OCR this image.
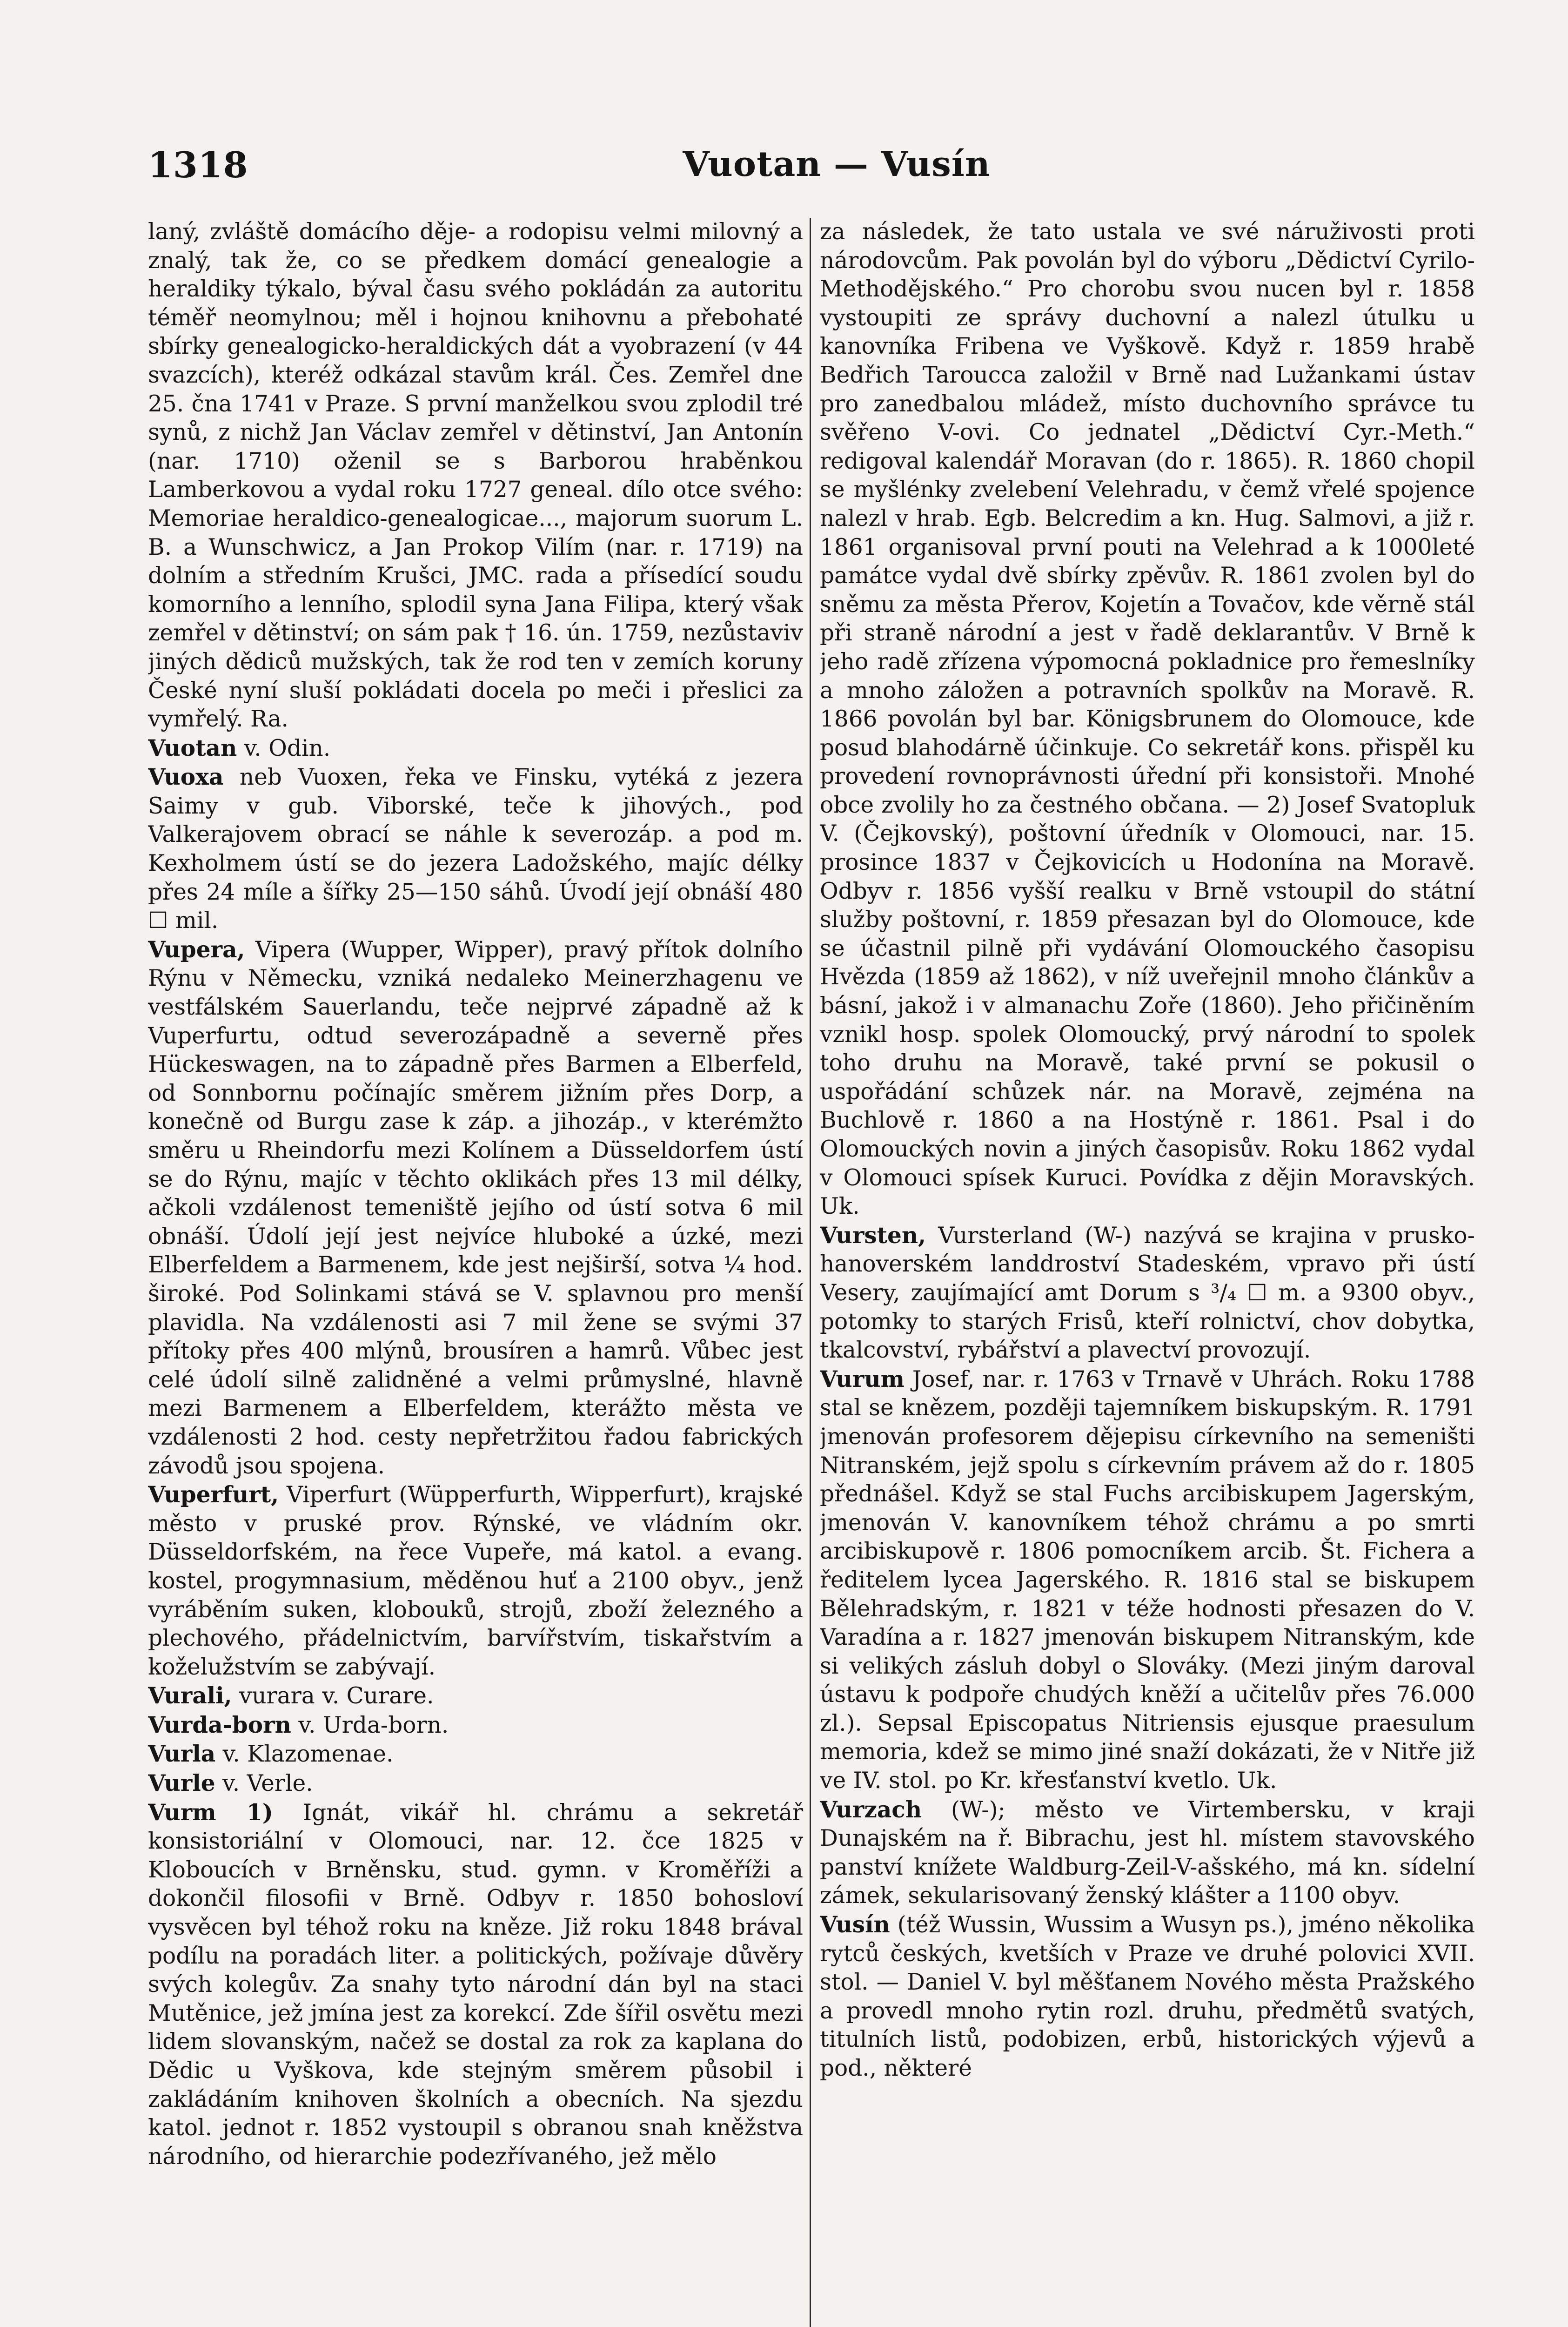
1318	Vuotan — Vusín

laný, zvláště domácího děje- a rodopisu velmi milovný a znalý, tak že, co se předkem domácí genealogie a heraldiky týkalo, býval času svého pokládán za autoritu téměř neomylnou; měl i hojnou knihovnu a přebohaté sbírky genealogicko-heraldických dát a vyobrazení (v 44 svazcích), kteréž odkázal stavům král. Čes. Zemřel dne 25. čna 1741 v Praze. S první manželkou svou zplodil tré synů, z nichž Jan Václav zemřel v dětinství, Jan Antonín (nar. 1710) oženil se s Barborou hraběnkou Lamberkovou a vydal roku 1727 geneal. dílo otce svého: Memoriae heraldico-genealogicae..., majorum suorum L. B. a Wunschwicz, a Jan Prokop Vilím (nar. r. 1719) na dolním a středním Krušci, JMC. rada a přísedící soudu komorního a lenního, splodil syna Jana Filipa, který však zemřel v dětinství; on sám pak † 16. ún. 1759, nezůstaviv jiných dědiců mužských, tak že rod ten v zemích koruny České nyní sluší pokládati docela po meči i přeslici za vymřelý. Ra.

Vuotan v. Odin.

Vuoxa neb Vuoxen, řeka ve Finsku, vytéká z jezera Saimy v gub. Viborské, teče k jihových., pod Valkerajovem obrací se náhle k severozáp. a pod m. Kexholmem ústí se do jezera Ladožského, majíc délky přes 24 míle a šířky 25—150 sáhů. Úvodí její obnáší 480 ☐ mil.

Vupera, Vipera (Wupper, Wipper), pravý přítok dolního Rýnu v Německu, vzniká nedaleko Meinerzhagenu ve vestfálském Sauerlandu, teče nejprvé západně až k Vuperfurtu, odtud severozápadně a severně přes Hückeswagen, na to západně přes Barmen a Elberfeld, od Sonnbornu počínajíc směrem jižním přes Dorp, a konečně od Burgu zase k záp. a jihozáp., v kterémžto směru u Rheindorfu mezi Kolínem a Düsseldorfem ústí se do Rýnu, majíc v těchto oklikách přes 13 mil délky, ačkoli vzdálenost temeniště jejího od ústí sotva 6 mil obnáší. Údolí její jest nejvíce hluboké a úzké, mezi Elberfeldem a Barmenem, kde jest nejširší, sotva ¼ hod. široké. Pod Solinkami stává se V. splavnou pro menší plavidla. Na vzdálenosti asi 7 mil žene se svými 37 přítoky přes 400 mlýnů, brousíren a hamrů. Vůbec jest celé údolí silně zalidněné a velmi průmyslné, hlavně mezi Barmenem a Elberfeldem, kterážto města ve vzdálenosti 2 hod. cesty nepřetržitou řadou fabrických závodů jsou spojena.

Vuperfurt, Viperfurt (Wüpperfurth, Wipperfurt), krajské město v pruské prov. Rýnské, ve vládním okr. Düsseldorfském, na řece Vupeře, má katol. a evang. kostel, progymnasium, měděnou huť a 2100 obyv., jenž vyráběním suken, klobouků, strojů, zboží železného a plechového, přádelnictvím, barvířstvím, tiskařstvím a koželužstvím se zabývají.

Vurali, vurara v. Curare.

Vurda-born v. Urda-born.

Vurla v. Klazomenae.

Vurle v. Verle.

Vurm 1) Ignát, vikář hl. chrámu a sekretář konsistoriální v Olomouci, nar. 12. čce 1825 v Kloboucích v Brněnsku, stud. gymn. v Kroměříži a dokončil filosofii v Brně. Odbyv r. 1850 bohosloví vysvěcen byl téhož roku na kněze. Již roku 1848 brával podílu na poradách liter. a politických, požívaje důvěry svých kolegův. Za snahy tyto národní dán byl na staci Mutěnice, jež jmína jest za korekcí. Zde šířil osvětu mezi lidem slovanským, načež se dostal za rok za kaplana do Dědic u Vyškova, kde stejným směrem působil i zakládáním knihoven školních a obecních. Na sjezdu katol. jednot r. 1852 vystoupil s obranou snah kněžstva národního, od hierarchie podezřívaného, jež mělo

za následek, že tato ustala ve své náruživosti proti národovcům. Pak povolán byl do výboru „Dědictví Cyrilo-Methodějského.“ Pro chorobu svou nucen byl r. 1858 vystoupiti ze správy duchovní a nalezl útulku u kanovníka Fribena ve Vyškově. Když r. 1859 hrabě Bedřich Taroucca založil v Brně nad Lužankami ústav pro zanedbalou mládež, místo duchovního správce tu svěřeno V-ovi. Co jednatel „Dědictví Cyr.-Meth.“ redigoval kalendář Moravan (do r. 1865). R. 1860 chopil se myšlénky zvelebení Velehradu, v čemž vřelé spojence nalezl v hrab. Egb. Belcredim a kn. Hug. Salmovi, a již r. 1861 organisoval první pouti na Velehrad a k 1000leté památce vydal dvě sbírky zpěvův. R. 1861 zvolen byl do sněmu za města Přerov, Kojetín a Tovačov, kde věrně stál při straně národní a jest v řadě deklarantův. V Brně k jeho radě zřízena výpomocná pokladnice pro řemeslníky a mnoho záložen a potravních spolkův na Moravě. R. 1866 povolán byl bar. Königsbrunem do Olomouce, kde posud blahodárně účinkuje. Co sekretář kons. přispěl ku provedení rovnoprávnosti úřední při konsistoři. Mnohé obce zvolily ho za čestného občana. — 2) Josef Svatopluk V. (Čejkovský), poštovní úředník v Olomouci, nar. 15. prosince 1837 v Čejkovicích u Hodonína na Moravě. Odbyv r. 1856 vyšší realku v Brně vstoupil do státní služby poštovní, r. 1859 přesazan byl do Olomouce, kde se účastnil pilně při vydávání Olomouckého časopisu Hvězda (1859 až 1862), v níž uveřejnil mnoho článkův a básní, jakož i v almanachu Zoře (1860). Jeho přičiněním vznikl hosp. spolek Olomoucký, prvý národní to spolek toho druhu na Moravě, také první se pokusil o uspořádání schůzek nár. na Moravě, zejména na Buchlově r. 1860 a na Hostýně r. 1861. Psal i do Olomouckých novin a jiných časopisův. Roku 1862 vydal v Olomouci spísek Kuruci. Povídka z dějin Moravských. Uk.

Vursten, Vursterland (W-) nazývá se krajina v prusko-hanoverském landdroství Stadeském, vpravo při ústí Vesery, zaujímající amt Dorum s ³/₄ ☐ m. a 9300 obyv., potomky to starých Frisů, kteří rolnictví, chov dobytka, tkalcovství, rybářství a plavectví provozují.

Vurum Josef, nar. r. 1763 v Trnavě v Uhrách. Roku 1788 stal se knězem, později tajemníkem biskupským. R. 1791 jmenován profesorem dějepisu církevního na semeništi Nitranském, jejž spolu s církevním právem až do r. 1805 přednášel. Když se stal Fuchs arcibiskupem Jagerským, jmenován V. kanovníkem téhož chrámu a po smrti arcibiskupově r. 1806 pomocníkem arcib. Št. Fichera a ředitelem lycea Jagerského. R. 1816 stal se biskupem Bělehradským, r. 1821 v téže hodnosti přesazen do V. Varadína a r. 1827 jmenován biskupem Nitranským, kde si velikých zásluh dobyl o Slováky. (Mezi jiným daroval ústavu k podpoře chudých kněží a učitelův přes 76.000 zl.). Sepsal Episcopatus Nitriensis ejusque praesulum memoria, kdež se mimo jiné snaží dokázati, že v Nitře již ve IV. stol. po Kr. křesťanství kvetlo. Uk.

Vurzach (W-); město ve Virtembersku, v kraji Dunajském na ř. Bibrachu, jest hl. místem stavovského panství knížete Waldburg-Zeil-V-ašského, má kn. sídelní zámek, sekularisovaný ženský klášter a 1100 obyv.

Vusín (též Wussin, Wussim a Wusyn ps.), jméno několika rytců českých, kvetších v Praze ve druhé polovici XVII. stol. — Daniel V. byl měšťanem Nového města Pražského a provedl mnoho rytin rozl. druhu, předmětů svatých, titulních listů, podobizen, erbů, historických výjevů a pod., některé
